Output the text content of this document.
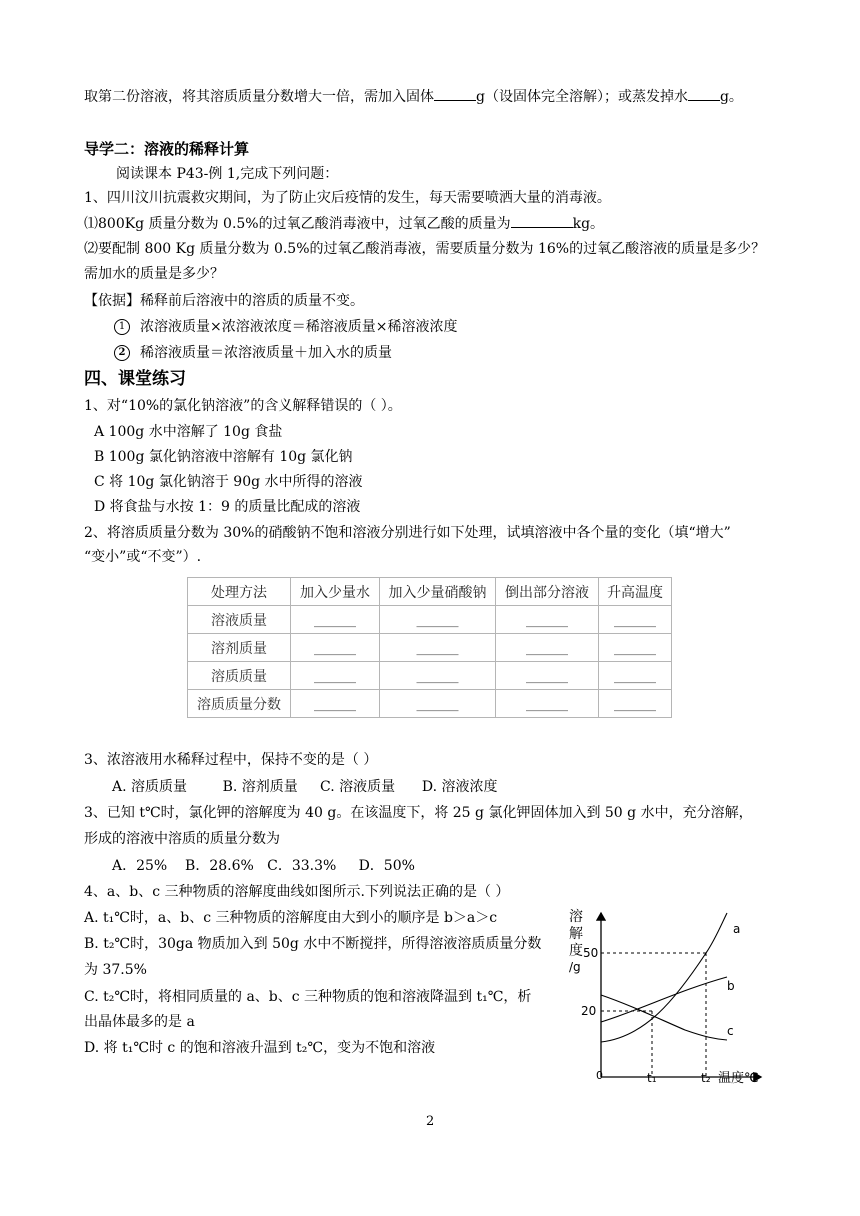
取第二份溶液，将其溶质质量分数增大一倍，需加入固体	g（设固体完全溶解）；或蒸发掉水 g。
导学二：溶液的稀释计算
阅读课本 P43-例 1,完成下列问题：
1、四川汶川抗震救灾期间，为了防止灾后疫情的发生，每天需要喷洒大量的消毒液。
⑴800Kg 质量分数为 0.5%的过氧乙酸消毒液中，过氧乙酸的质量为	kg。
⑵要配制 800 Kg 质量分数为 0.5%的过氧乙酸消毒液，需要质量分数为 16%的过氧乙酸溶液的质量是多少？
需加水的质量是多少？
【依据】稀释前后溶液中的溶质的质量不变。
1 浓溶液质量×浓溶液浓度＝稀溶液质量×稀溶液浓度
2 稀溶液质量＝浓溶液质量＋加入水的质量
四、课堂练习
1、对“10%的氯化钠溶液”的含义解释错误的（ ）。
A 100g 水中溶解了 10g 食盐
B 100g 氯化钠溶液中溶解有 10g 氯化钠
C 将 10g 氯化钠溶于 90g 水中所得的溶液
D 将食盐与水按 1：9 的质量比配成的溶液
2、将溶质质量分数为 30%的硝酸钠不饱和溶液分别进行如下处理，试填溶液中各个量的变化（填“增大”
“变小”或“不变”）.
处理方法	加入少量水	加入少量硝酸钠	倒出部分溶液	升高温度
溶液质量	______	______	______	______
溶剂质量	______	______	______	______
溶质质量	______	______	______	______
溶质质量分数	______	______	______	______
3、浓溶液用水稀释过程中，保持不变的是（ ）
A. 溶质质量        B. 溶剂质量     C. 溶液质量      D. 溶液浓度
3、已知 t℃时，氯化钾的溶解度为 40 g。在该温度下，将 25 g 氯化钾固体加入到 50 g 水中，充分溶解，
形成的溶液中溶质的质量分数为
A．25%    B．28.6%   C．33.3%     D．50%
4、a、b、c 三种物质的溶解度曲线如图所示.下列说法正确的是（ ）
A. t₁℃时，a、b、c 三种物质的溶解度由大到小的顺序是 b＞a＞c
B. t₂℃时，30ga 物质加入到 50g 水中不断搅拌，所得溶液溶质质量分数
为 37.5%
C. t₂℃时，将相同质量的 a、b、c 三种物质的饱和溶液降温到 t₁℃，析
出晶体最多的是 a
D. 将 t₁℃时 c 的饱和溶液升温到 t₂℃，变为不饱和溶液
溶
解
度
/g
50
20
0	t₁	t₂ 温度℃
a
b
c
2
